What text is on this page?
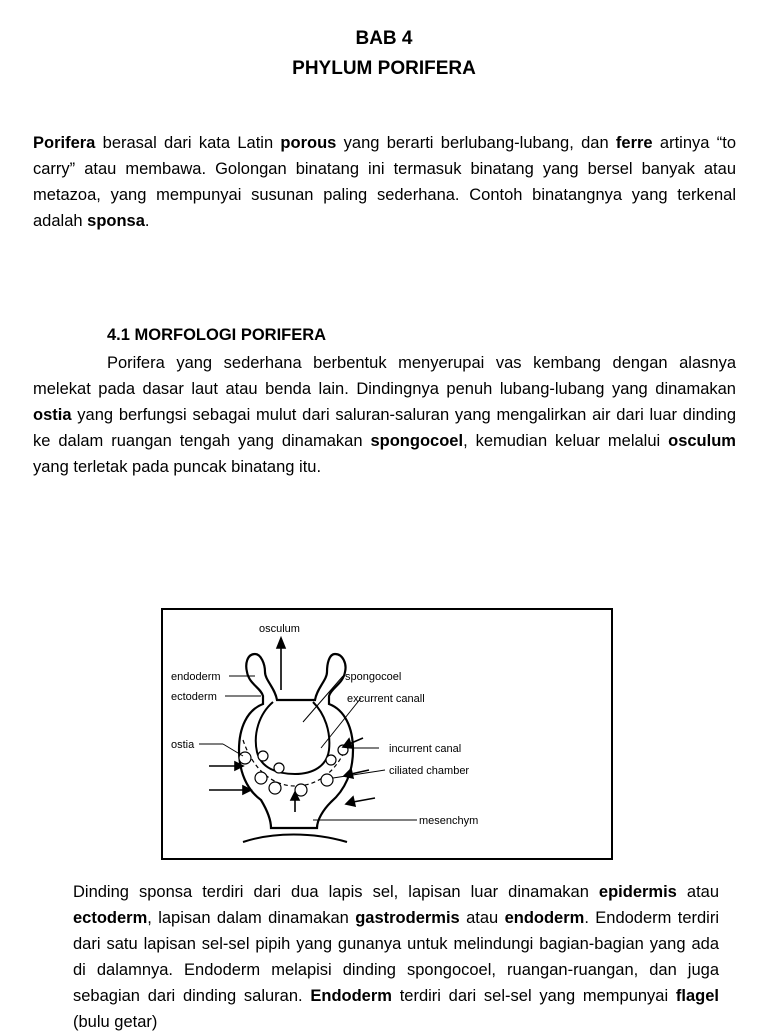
BAB 4
PHYLUM PORIFERA
Porifera berasal dari kata Latin porous yang berarti berlubang-lubang, dan ferre artinya “to carry” atau membawa. Golongan binatang ini termasuk binatang yang bersel banyak atau metazoa, yang mempunyai susunan paling sederhana. Contoh binatangnya yang terkenal adalah sponsa.
4.1 MORFOLOGI PORIFERA
Porifera yang sederhana berbentuk menyerupai vas kembang dengan alasnya melekat pada dasar laut atau benda lain. Dindingnya penuh lubang-lubang yang dinamakan ostia yang berfungsi sebagai mulut dari saluran-saluran yang mengalirkan air dari luar dinding ke dalam ruangan tengah yang dinamakan spongocoel, kemudian keluar melalui osculum yang terletak pada puncak binatang itu.
osculum
endoderm
ectoderm
ostia
spongocoel
excurrent canall
incurrent canal
ciliated chamber
mesenchym
Dinding sponsa terdiri dari dua lapis sel, lapisan luar dinamakan epidermis atau ectoderm, lapisan dalam dinamakan gastrodermis atau endoderm. Endoderm terdiri dari satu lapisan sel-sel pipih yang gunanya untuk melindungi bagian-bagian yang ada di dalamnya. Endoderm melapisi dinding spongocoel, ruangan-ruangan, dan juga sebagian dari dinding saluran. Endoderm terdiri dari sel-sel yang mempunyai flagel (bulu getar)
